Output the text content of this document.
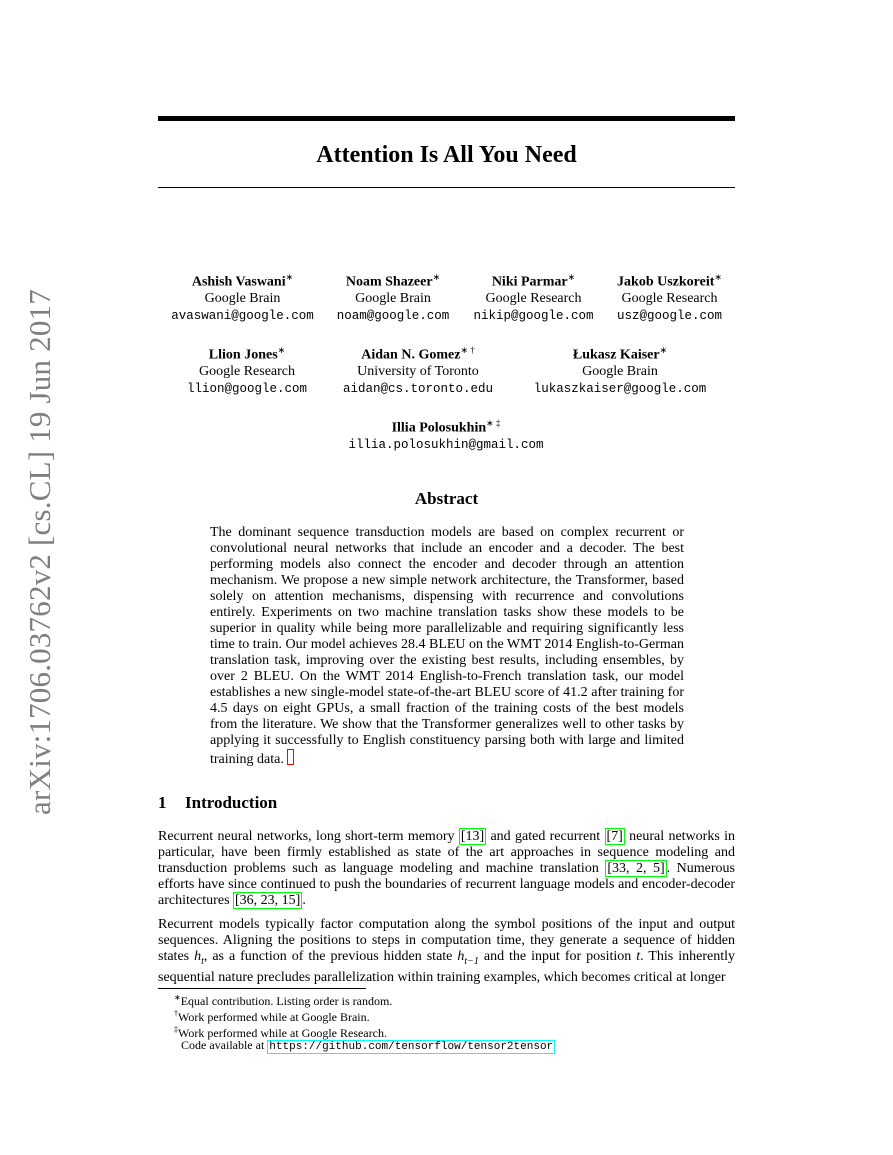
arXiv:1706.03762v2 [cs.CL] 19 Jun 2017
Attention Is All You Need
Ashish Vaswani∗
Google Brain
avaswani@google.com
Noam Shazeer∗
Google Brain
noam@google.com
Niki Parmar∗
Google Research
nikip@google.com
Jakob Uszkoreit∗
Google Research
usz@google.com
Llion Jones∗
Google Research
llion@google.com
Aidan N. Gomez∗ †
University of Toronto
aidan@cs.toronto.edu
Łukasz Kaiser∗
Google Brain
lukaszkaiser@google.com
Illia Polosukhin∗ ‡
illia.polosukhin@gmail.com
Abstract
The dominant sequence transduction models are based on complex recurrent or convolutional neural networks that include an encoder and a decoder. The best performing models also connect the encoder and decoder through an attention mechanism. We propose a new simple network architecture, the Transformer, based solely on attention mechanisms, dispensing with recurrence and convolutions entirely. Experiments on two machine translation tasks show these models to be superior in quality while being more parallelizable and requiring significantly less time to train. Our model achieves 28.4 BLEU on the WMT 2014 English-to-German translation task, improving over the existing best results, including ensembles, by over 2 BLEU. On the WMT 2014 English-to-French translation task, our model establishes a new single-model state-of-the-art BLEU score of 41.2 after training for 4.5 days on eight GPUs, a small fraction of the training costs of the best models from the literature. We show that the Transformer generalizes well to other tasks by applying it successfully to English constituency parsing both with large and limited training data.
1 Introduction
Recurrent neural networks, long short-term memory [13] and gated recurrent [7] neural networks in particular, have been firmly established as state of the art approaches in sequence modeling and transduction problems such as language modeling and machine translation [33, 2, 5] . Numerous efforts have since continued to push the boundaries of recurrent language models and encoder-decoder architectures [36, 23, 15] .
Recurrent models typically factor computation along the symbol positions of the input and output sequences. Aligning the positions to steps in computation time, they generate a sequence of hidden states $h_t$, as a function of the previous hidden state $h_{t-1}$ and the input for position t. This inherently sequential nature precludes parallelization within training examples, which becomes critical at longer
∗Equal contribution. Listing order is random.
†Work performed while at Google Brain.
‡Work performed while at Google Research.
Code available at https://github.com/tensorflow/tensor2tensor
